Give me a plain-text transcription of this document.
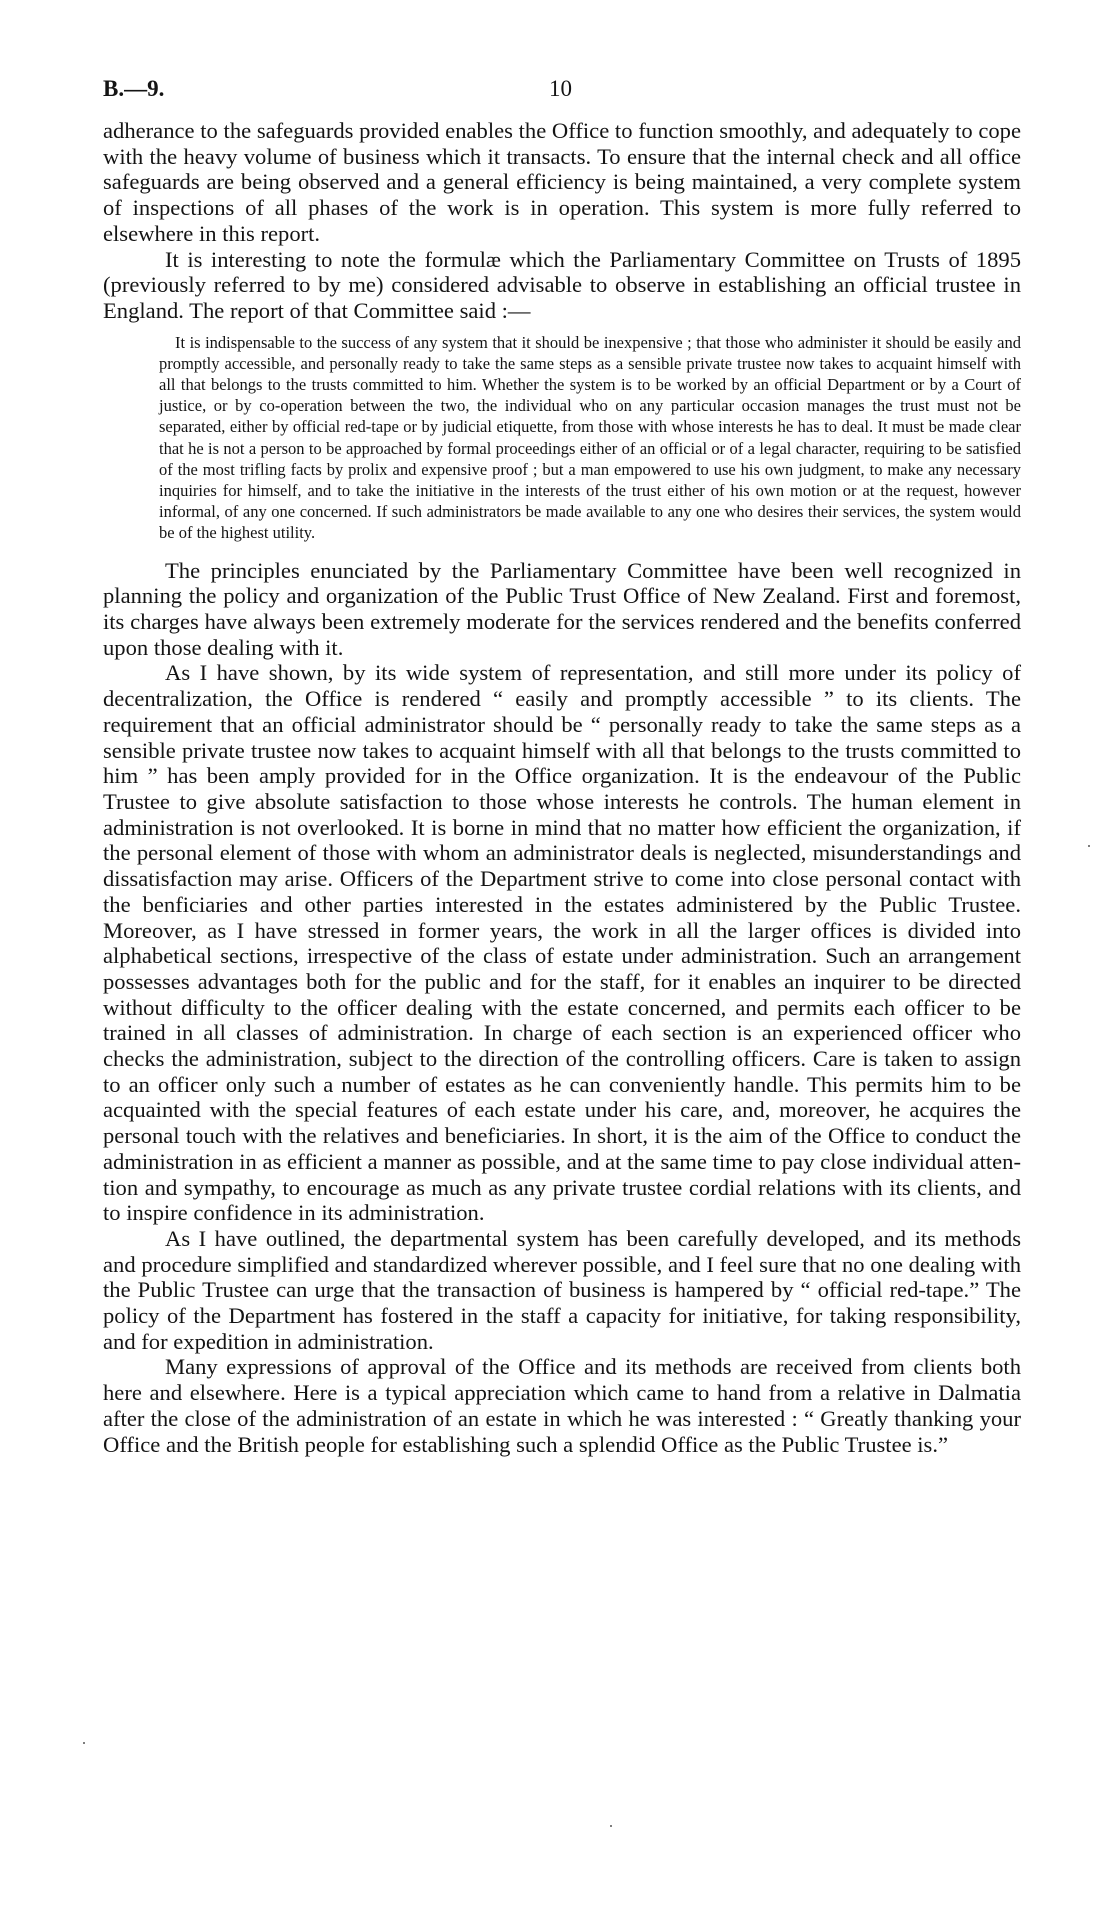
B.—9.	10

adherance to the safeguards provided enables the Office to function smoothly, and adequately to cope with the heavy volume of business which it transacts. To ensure that the internal check and all office safeguards are being observed and a general efficiency is being maintained, a very complete system of inspections of all phases of the work is in operation. This system is more fully referred to elsewhere in this report.

It is interesting to note the formulæ which the Parliamentary Committee on Trusts of 1895 (previously referred to by me) considered advisable to observe in establishing an official trustee in England. The report of that Committee said :—

It is indispensable to the success of any system that it should be inexpensive ; that those who administer it should be easily and promptly accessible, and personally ready to take the same steps as a sensible private trustee now takes to acquaint himself with all that belongs to the trusts committed to him. Whether the system is to be worked by an official Department or by a Court of justice, or by co-operation between the two, the individual who on any particular occasion manages the trust must not be separated, either by official red-tape or by judicial etiquette, from those with whose interests he has to deal. It must be made clear that he is not a person to be approached by formal proceedings either of an official or of a legal character, requiring to be satisfied of the most trifling facts by prolix and expensive proof ; but a man empowered to use his own judgment, to make any necessary inquiries for himself, and to take the initiative in the interests of the trust either of his own motion or at the request, however informal, of any one concerned. If such administrators be made available to any one who desires their services, the system would be of the highest utility.

The principles enunciated by the Parliamentary Committee have been well recognized in planning the policy and organization of the Public Trust Office of New Zealand. First and foremost, its charges have always been extremely moderate for the services rendered and the benefits conferred upon those dealing with it.

As I have shown, by its wide system of representation, and still more under its policy of decentralization, the Office is rendered “ easily and promptly accessible ” to its clients. The requirement that an official administrator should be “ personally ready to take the same steps as a sensible private trustee now takes to acquaint himself with all that belongs to the trusts committed to him ” has been amply provided for in the Office organization. It is the endeavour of the Public Trustee to give absolute satisfaction to those whose interests he controls. The human element in administration is not overlooked. It is borne in mind that no matter how efficient the organization, if the personal element of those with whom an administrator deals is neglected, misunderstandings and dissatisfaction may arise. Officers of the Department strive to come into close personal contact with the benficiaries and other parties interested in the estates administered by the Public Trustee. Moreover, as I have stressed in former years, the work in all the larger offices is divided into alphabetical sections, irrespective of the class of estate under administration. Such an arrangement possesses advantages both for the public and for the staff, for it enables an inquirer to be directed without difficulty to the officer dealing with the estate concerned, and permits each officer to be trained in all classes of administration. In charge of each section is an experienced officer who checks the administration, subject to the direction of the controlling officers. Care is taken to assign to an officer only such a number of estates as he can conveniently handle. This permits him to be acquainted with the special features of each estate under his care, and, moreover, he acquires the personal touch with the relatives and beneficiaries. In short, it is the aim of the Office to conduct the administration in as efficient a manner as possible, and at the same time to pay close individual attention and sympathy, to encourage as much as any private trustee cordial relations with its clients, and to inspire confidence in its administration.

As I have outlined, the departmental system has been carefully developed, and its methods and procedure simplified and standardized wherever possible, and I feel sure that no one dealing with the Public Trustee can urge that the transaction of business is hampered by “ official red-tape.” The policy of the Department has fostered in the staff a capacity for initiative, for taking responsibility, and for expedition in administration.

Many expressions of approval of the Office and its methods are received from clients both here and elsewhere. Here is a typical appreciation which came to hand from a relative in Dalmatia after the close of the administration of an estate in which he was interested : “ Greatly thanking your Office and the British people for establishing such a splendid Office as the Public Trustee is.”
